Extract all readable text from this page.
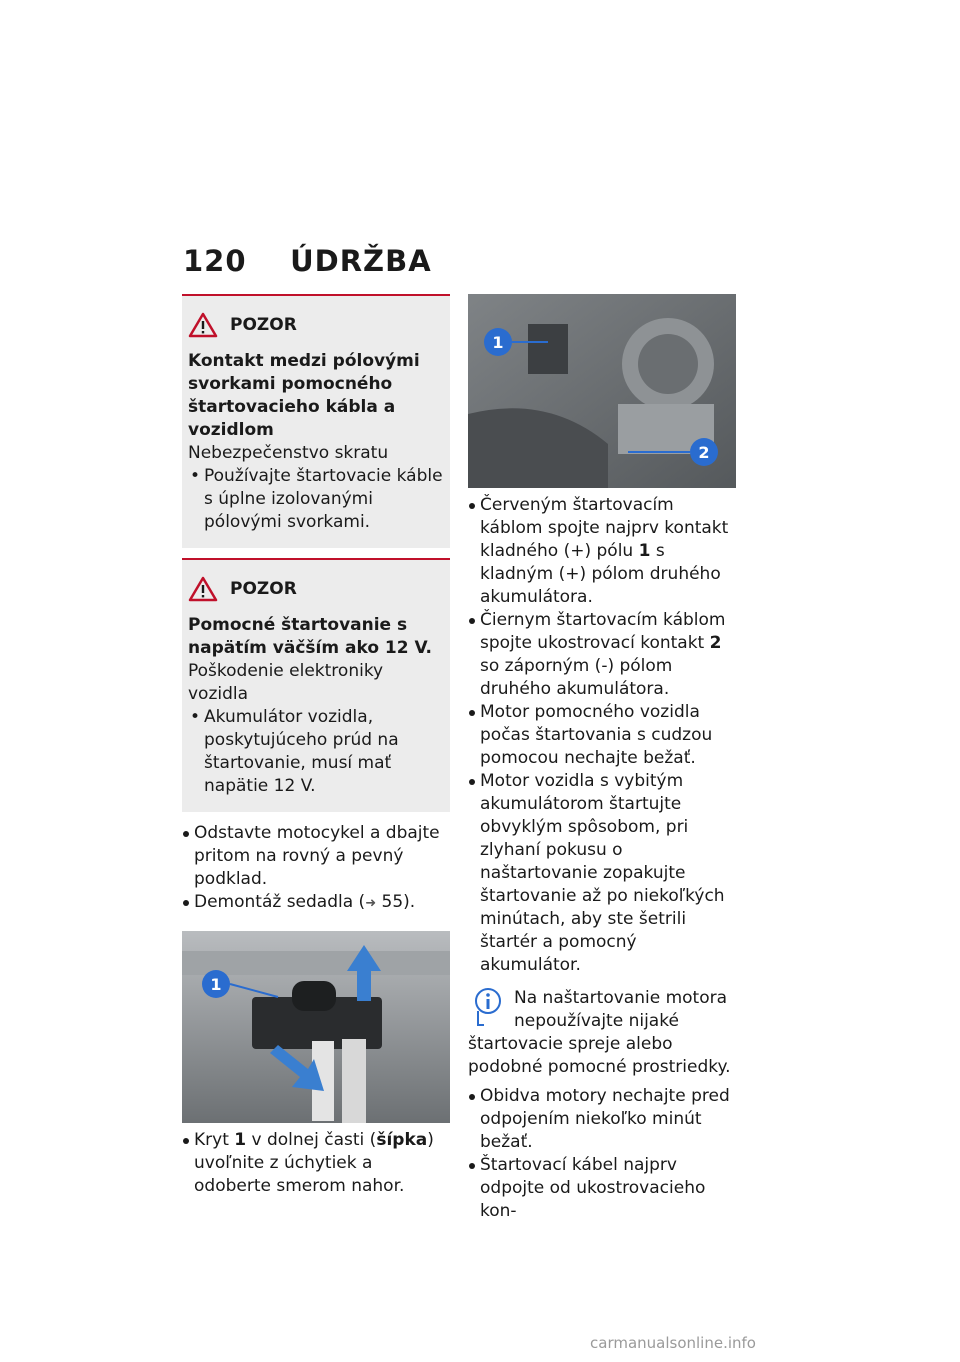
120 ÚDRŽBA
POZOR
Kontakt medzi pólovými svorkami pomocného štartovacieho kábla a vozidlom
Nebezpečenstvo skratu
• Používajte štartovacie káble s úplne izolovanými pólovými svorkami.
POZOR
Pomocné štartovanie s napätím väčším ako 12 V.
Poškodenie elektroniky vozidla
• Akumulátor vozidla, poskytujúceho prúd na štartovanie, musí mať napätie 12 V.

Odstavte motocykel a dbajte pritom na rovný a pevný podklad.

Demontáž sedadla (➜ 55).

1

Kryt 1 v dolnej časti (šípka) uvoľnite z úchytiek a odoberte smerom nahor.

1
2

Červeným štartovacím káblom spojte najprv kontakt kladného (+) pólu 1 s kladným (+) pólom druhého akumulátora.

Čiernym štartovacím káblom spojte ukostrovací kontakt 2 so záporným (-) pólom druhého akumulátora.

Motor pomocného vozidla počas štartovania s cudzou pomocou nechajte bežať.

Motor vozidla s vybitým akumulátorom štartujte obvyklým spôsobom, pri zlyhaní pokusu o naštartovanie zopakujte štartovanie až po niekoľkých minútach, aby ste šetrili štartér a pomocný akumulátor.

Na naštartovanie motora nepoužívajte nijaké štartovacie spreje alebo podobné pomocné prostriedky.

Obidva motory nechajte pred odpojením niekoľko minút bežať.

Štartovací kábel najprv odpojte od ukostrovacieho kon-

carmanualsonline.info
